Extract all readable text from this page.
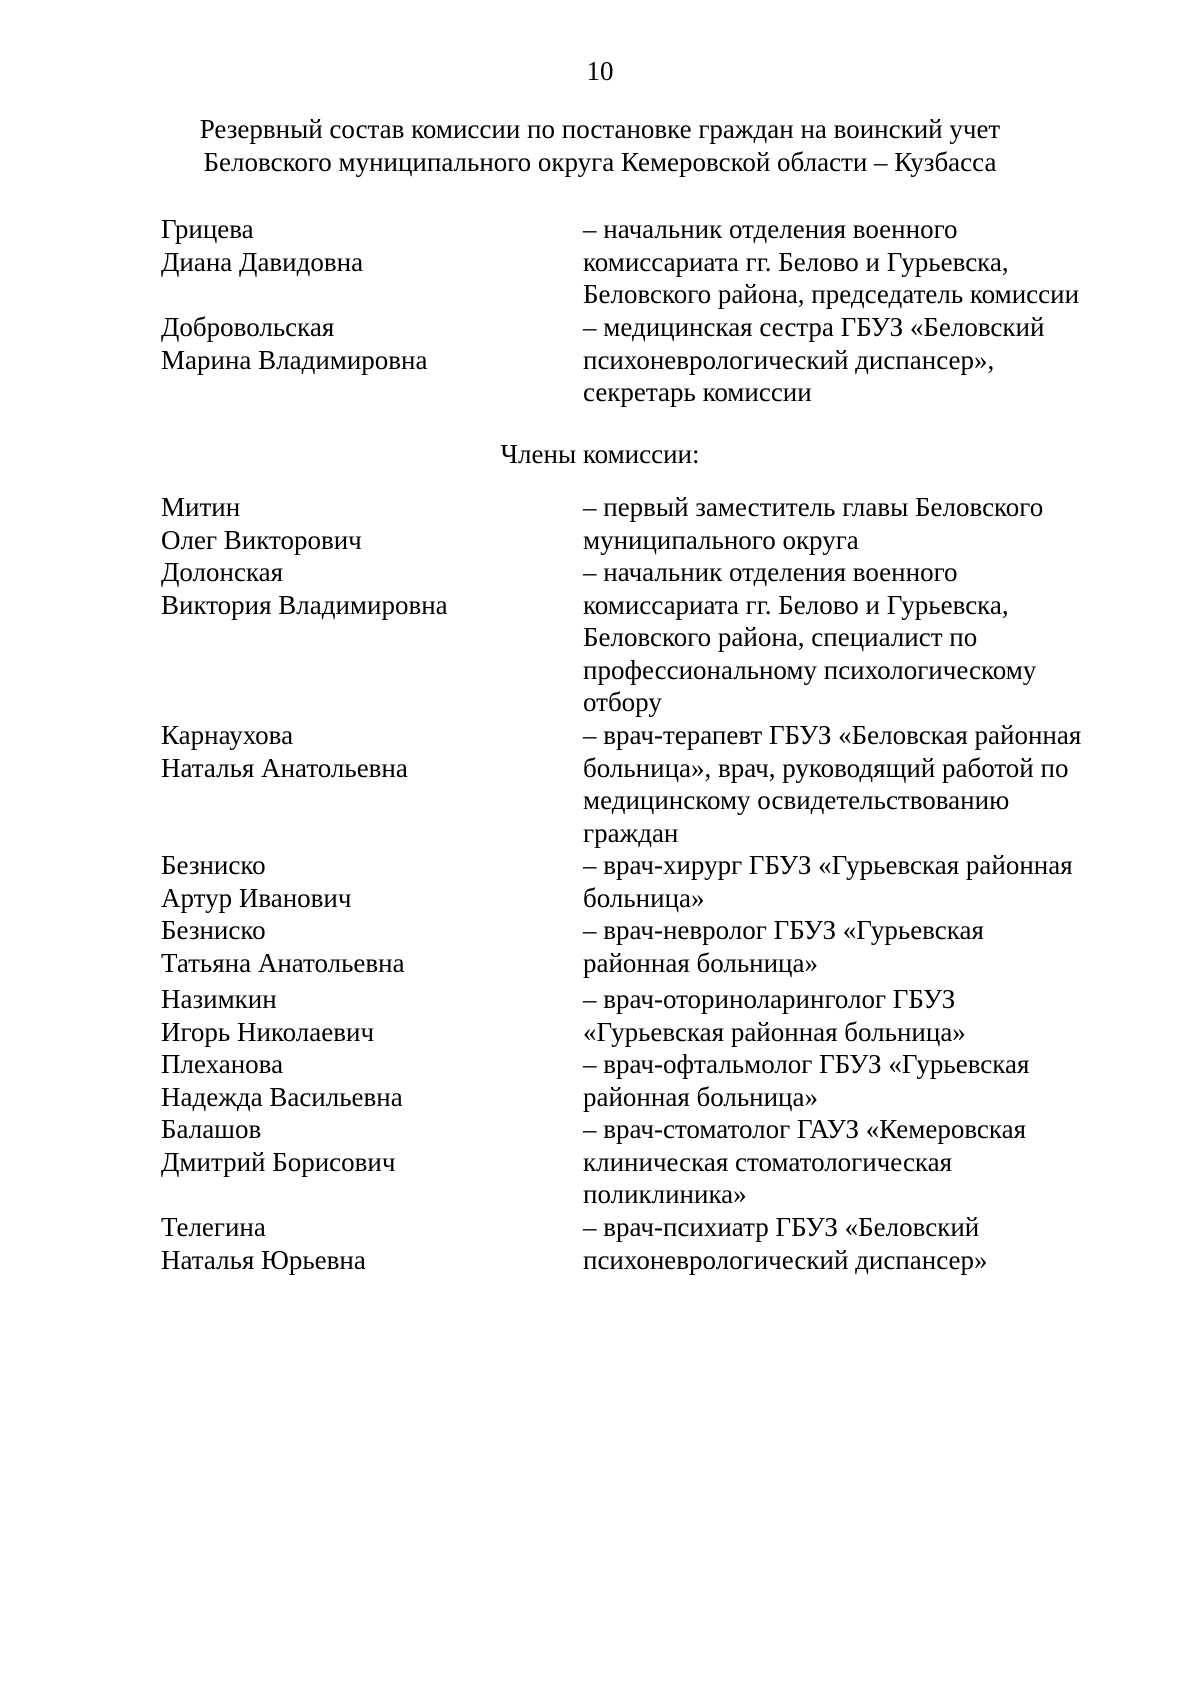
10
Резервный состав комиссии по постановке граждан на воинский учет
Беловского муниципального округа Кемеровской области – Кузбасса
Грицева
Диана Давидовна
– начальник отделения военного
комиссариата гг. Белово и Гурьевска,
Беловского района, председатель комиссии
Добровольская
Марина Владимировна
– медицинская сестра ГБУЗ «Беловский
психоневрологический диспансер»,
секретарь комиссии
Члены комиссии:
Митин
Олег Викторович
– первый заместитель главы Беловского
муниципального округа
Долонская
Виктория Владимировна
– начальник отделения военного
комиссариата гг. Белово и Гурьевска,
Беловского района, специалист по
профессиональному психологическому
отбору
Карнаухова
Наталья Анатольевна
– врач-терапевт ГБУЗ «Беловская районная
больница», врач, руководящий работой по
медицинскому освидетельствованию
граждан
Безниско
Артур Иванович
– врач-хирург ГБУЗ «Гурьевская районная
больница»
Безниско
Татьяна Анатольевна
– врач-невролог ГБУЗ «Гурьевская
районная больница»
Назимкин
Игорь Николаевич
– врач-оториноларинголог ГБУЗ
«Гурьевская районная больница»
Плеханова
Надежда Васильевна
– врач-офтальмолог ГБУЗ «Гурьевская
районная больница»
Балашов
Дмитрий Борисович
– врач-стоматолог ГАУЗ «Кемеровская
клиническая стоматологическая
поликлиника»
Телегина
Наталья Юрьевна
– врач-психиатр ГБУЗ «Беловский
психоневрологический диспансер»
